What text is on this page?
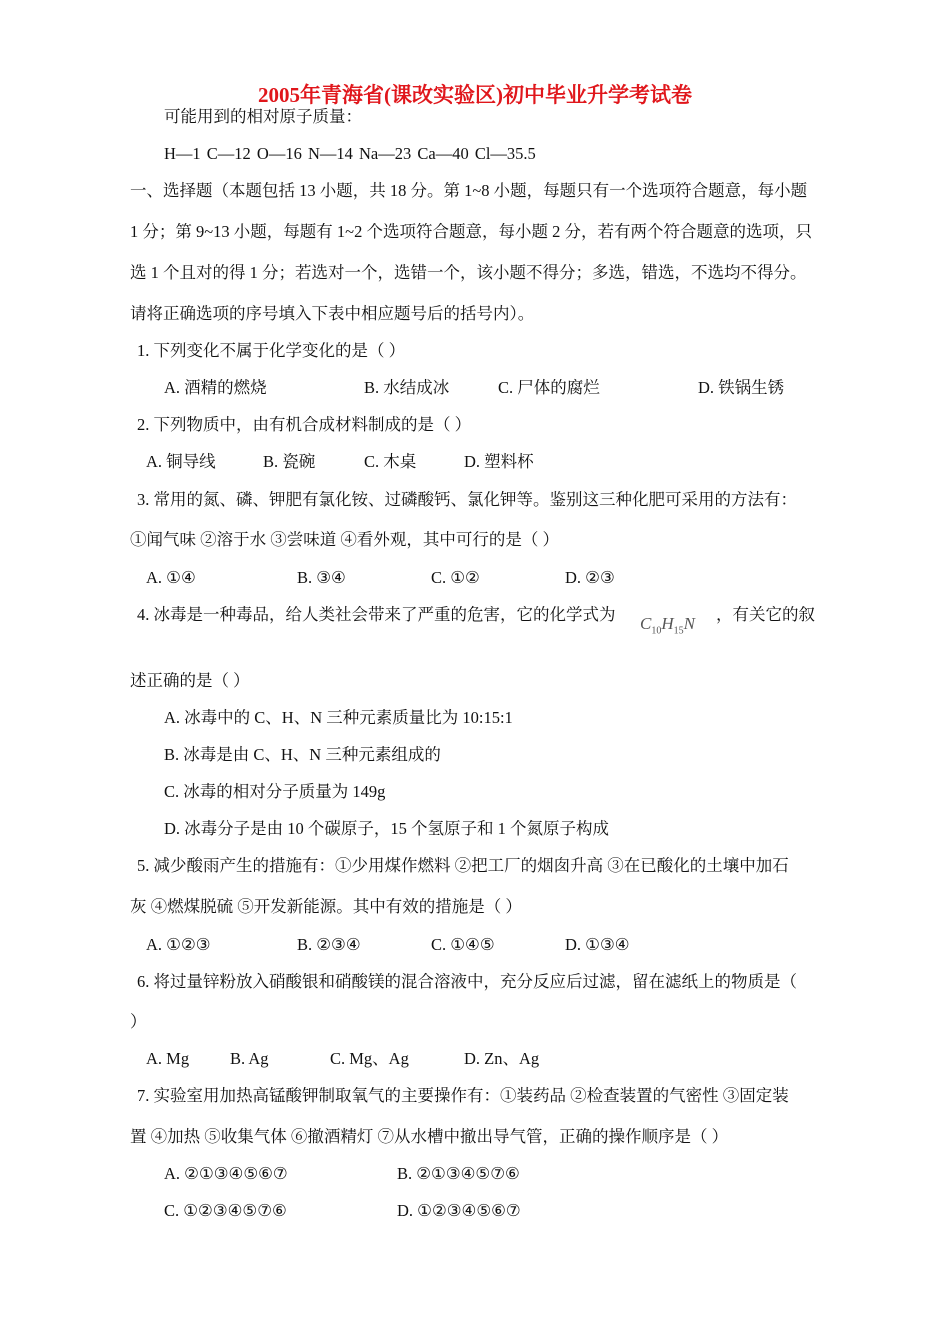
2005年青海省(课改实验区)初中毕业升学考试卷
可能用到的相对原子质量：
H—1 C—12 O—16 N—14 Na—23 Ca—40 Cl—35.5
一、选择题（本题包括 13 小题，共 18 分。第 1~8 小题，每题只有一个选项符合题意，每小题
1 分；第 9~13 小题，每题有 1~2 个选项符合题意，每小题 2 分，若有两个符合题意的选项，只
选 1 个且对的得 1 分；若选对一个，选错一个，该小题不得分；多选，错选，不选均不得分。
请将正确选项的序号填入下表中相应题号后的括号内）。
1. 下列变化不属于化学变化的是（ ）
A. 酒精的燃烧	B. 水结成冰	C. 尸体的腐烂	D. 铁锅生锈
2. 下列物质中，由有机合成材料制成的是（ ）
A. 铜导线	B. 瓷碗	C. 木桌	D. 塑料杯
3. 常用的氮、磷、钾肥有氯化铵、过磷酸钙、氯化钾等。鉴别这三种化肥可采用的方法有：
①闻气味 ②溶于水 ③尝味道 ④看外观，其中可行的是（ ）
A. ①④	B. ③④	C. ①②	D. ②③
4. 冰毒是一种毒品，给人类社会带来了严重的危害，它的化学式为 $C_{10}H_{15}N$ ，有关它的叙
述正确的是（ ）
A. 冰毒中的 C、H、N 三种元素质量比为 10:15:1
B. 冰毒是由 C、H、N 三种元素组成的
C. 冰毒的相对分子质量为 149g
D. 冰毒分子是由 10 个碳原子，15 个氢原子和 1 个氮原子构成
5. 减少酸雨产生的措施有：①少用煤作燃料 ②把工厂的烟囱升高 ③在已酸化的土壤中加石
灰 ④燃煤脱硫 ⑤开发新能源。其中有效的措施是（ ）
A. ①②③	B. ②③④	C. ①④⑤	D. ①③④
6. 将过量锌粉放入硝酸银和硝酸镁的混合溶液中，充分反应后过滤，留在滤纸上的物质是（
）
A. Mg B. Ag	C. Mg、Ag	D. Zn、Ag
7. 实验室用加热高锰酸钾制取氧气的主要操作有：①装药品 ②检查装置的气密性 ③固定装
置 ④加热 ⑤收集气体 ⑥撤酒精灯 ⑦从水槽中撤出导气管，正确的操作顺序是（ ）
A. ②①③④⑤⑥⑦	B. ②①③④⑤⑦⑥
C. ①②③④⑤⑦⑥	D. ①②③④⑤⑥⑦
